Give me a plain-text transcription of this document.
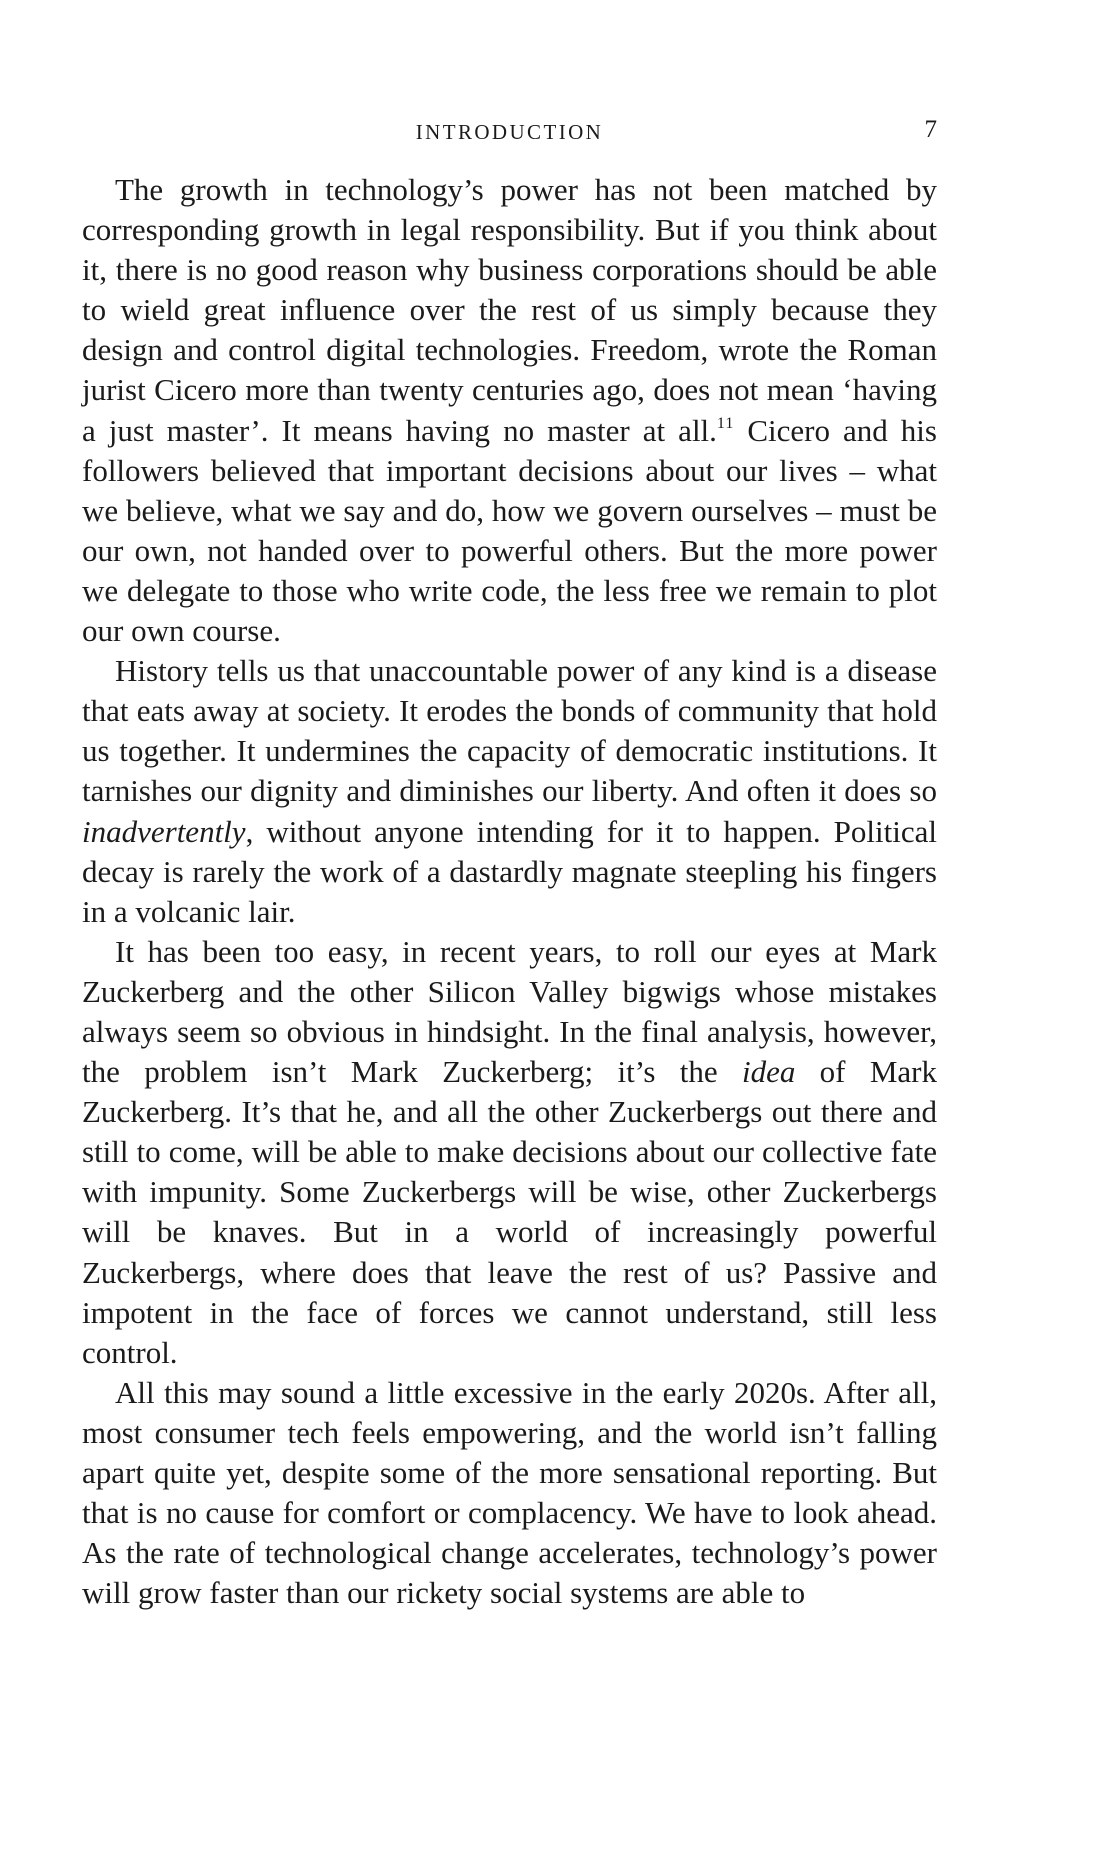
INTRODUCTION	7

The growth in technology’s power has not been matched by corresponding growth in legal responsibility. But if you think about it, there is no good reason why business corporations should be able to wield great influence over the rest of us simply because they design and control digital technologies. Freedom, wrote the Roman jurist Cicero more than twenty centuries ago, does not mean ‘having a just master’. It means having no master at all.$^{11}$ Cicero and his followers believed that important decisions about our lives – what we believe, what we say and do, how we govern ourselves – must be our own, not handed over to powerful others. But the more power we delegate to those who write code, the less free we remain to plot our own course.

History tells us that unaccountable power of any kind is a disease that eats away at society. It erodes the bonds of community that hold us together. It undermines the capacity of democratic institutions. It tarnishes our dignity and diminishes our liberty. And often it does so inadvertently, without anyone intending for it to happen. Political decay is rarely the work of a dastardly magnate steepling his fingers in a volcanic lair.

It has been too easy, in recent years, to roll our eyes at Mark Zuckerberg and the other Silicon Valley bigwigs whose mistakes always seem so obvious in hindsight. In the final analysis, however, the problem isn’t Mark Zuckerberg; it’s the idea of Mark Zuckerberg. It’s that he, and all the other Zuckerbergs out there and still to come, will be able to make decisions about our collective fate with impunity. Some Zuckerbergs will be wise, other Zuckerbergs will be knaves. But in a world of increasingly powerful Zuckerbergs, where does that leave the rest of us? Passive and impotent in the face of forces we cannot understand, still less control.

All this may sound a little excessive in the early 2020s. After all, most consumer tech feels empowering, and the world isn’t falling apart quite yet, despite some of the more sensational reporting. But that is no cause for comfort or complacency. We have to look ahead. As the rate of technological change accelerates, technology’s power will grow faster than our rickety social systems are able to
